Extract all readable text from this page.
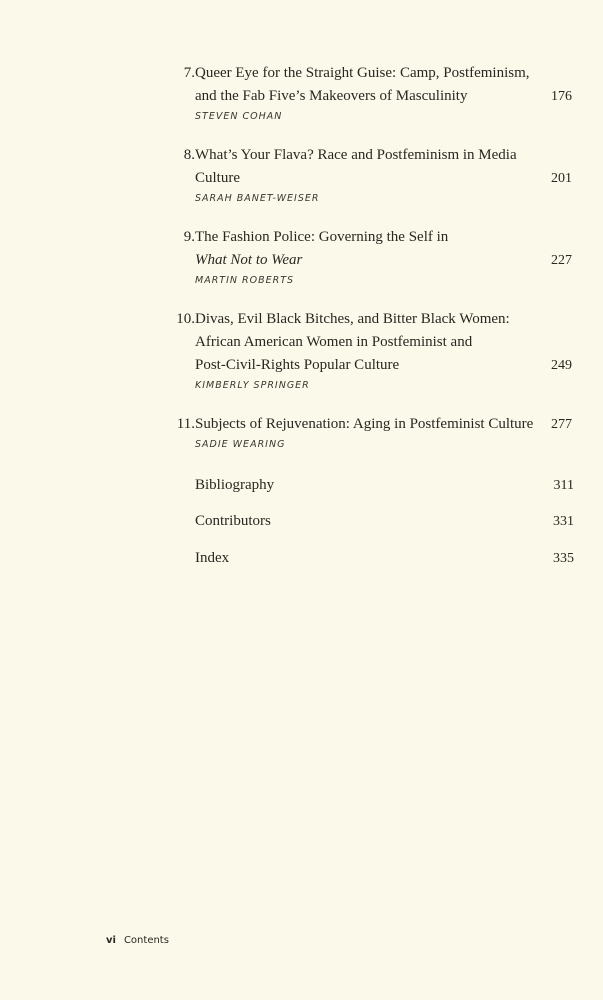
7. Queer Eye for the Straight Guise: Camp, Postfeminism,
and the Fab Five’s Makeovers of Masculinity	176
STEVEN COHAN
8. What’s Your Flava? Race and Postfeminism in Media
Culture	201
SARAH BANET-WEISER
9. The Fashion Police: Governing the Self in
What Not to Wear	227
MARTIN ROBERTS
10. Divas, Evil Black Bitches, and Bitter Black Women:
African American Women in Postfeminist and
Post-Civil-Rights Popular Culture	249
KIMBERLY SPRINGER
11. Subjects of Rejuvenation: Aging in Postfeminist Culture 277
SADIE WEARING
Bibliography	311
Contributors	331
Index	335
vi Contents
